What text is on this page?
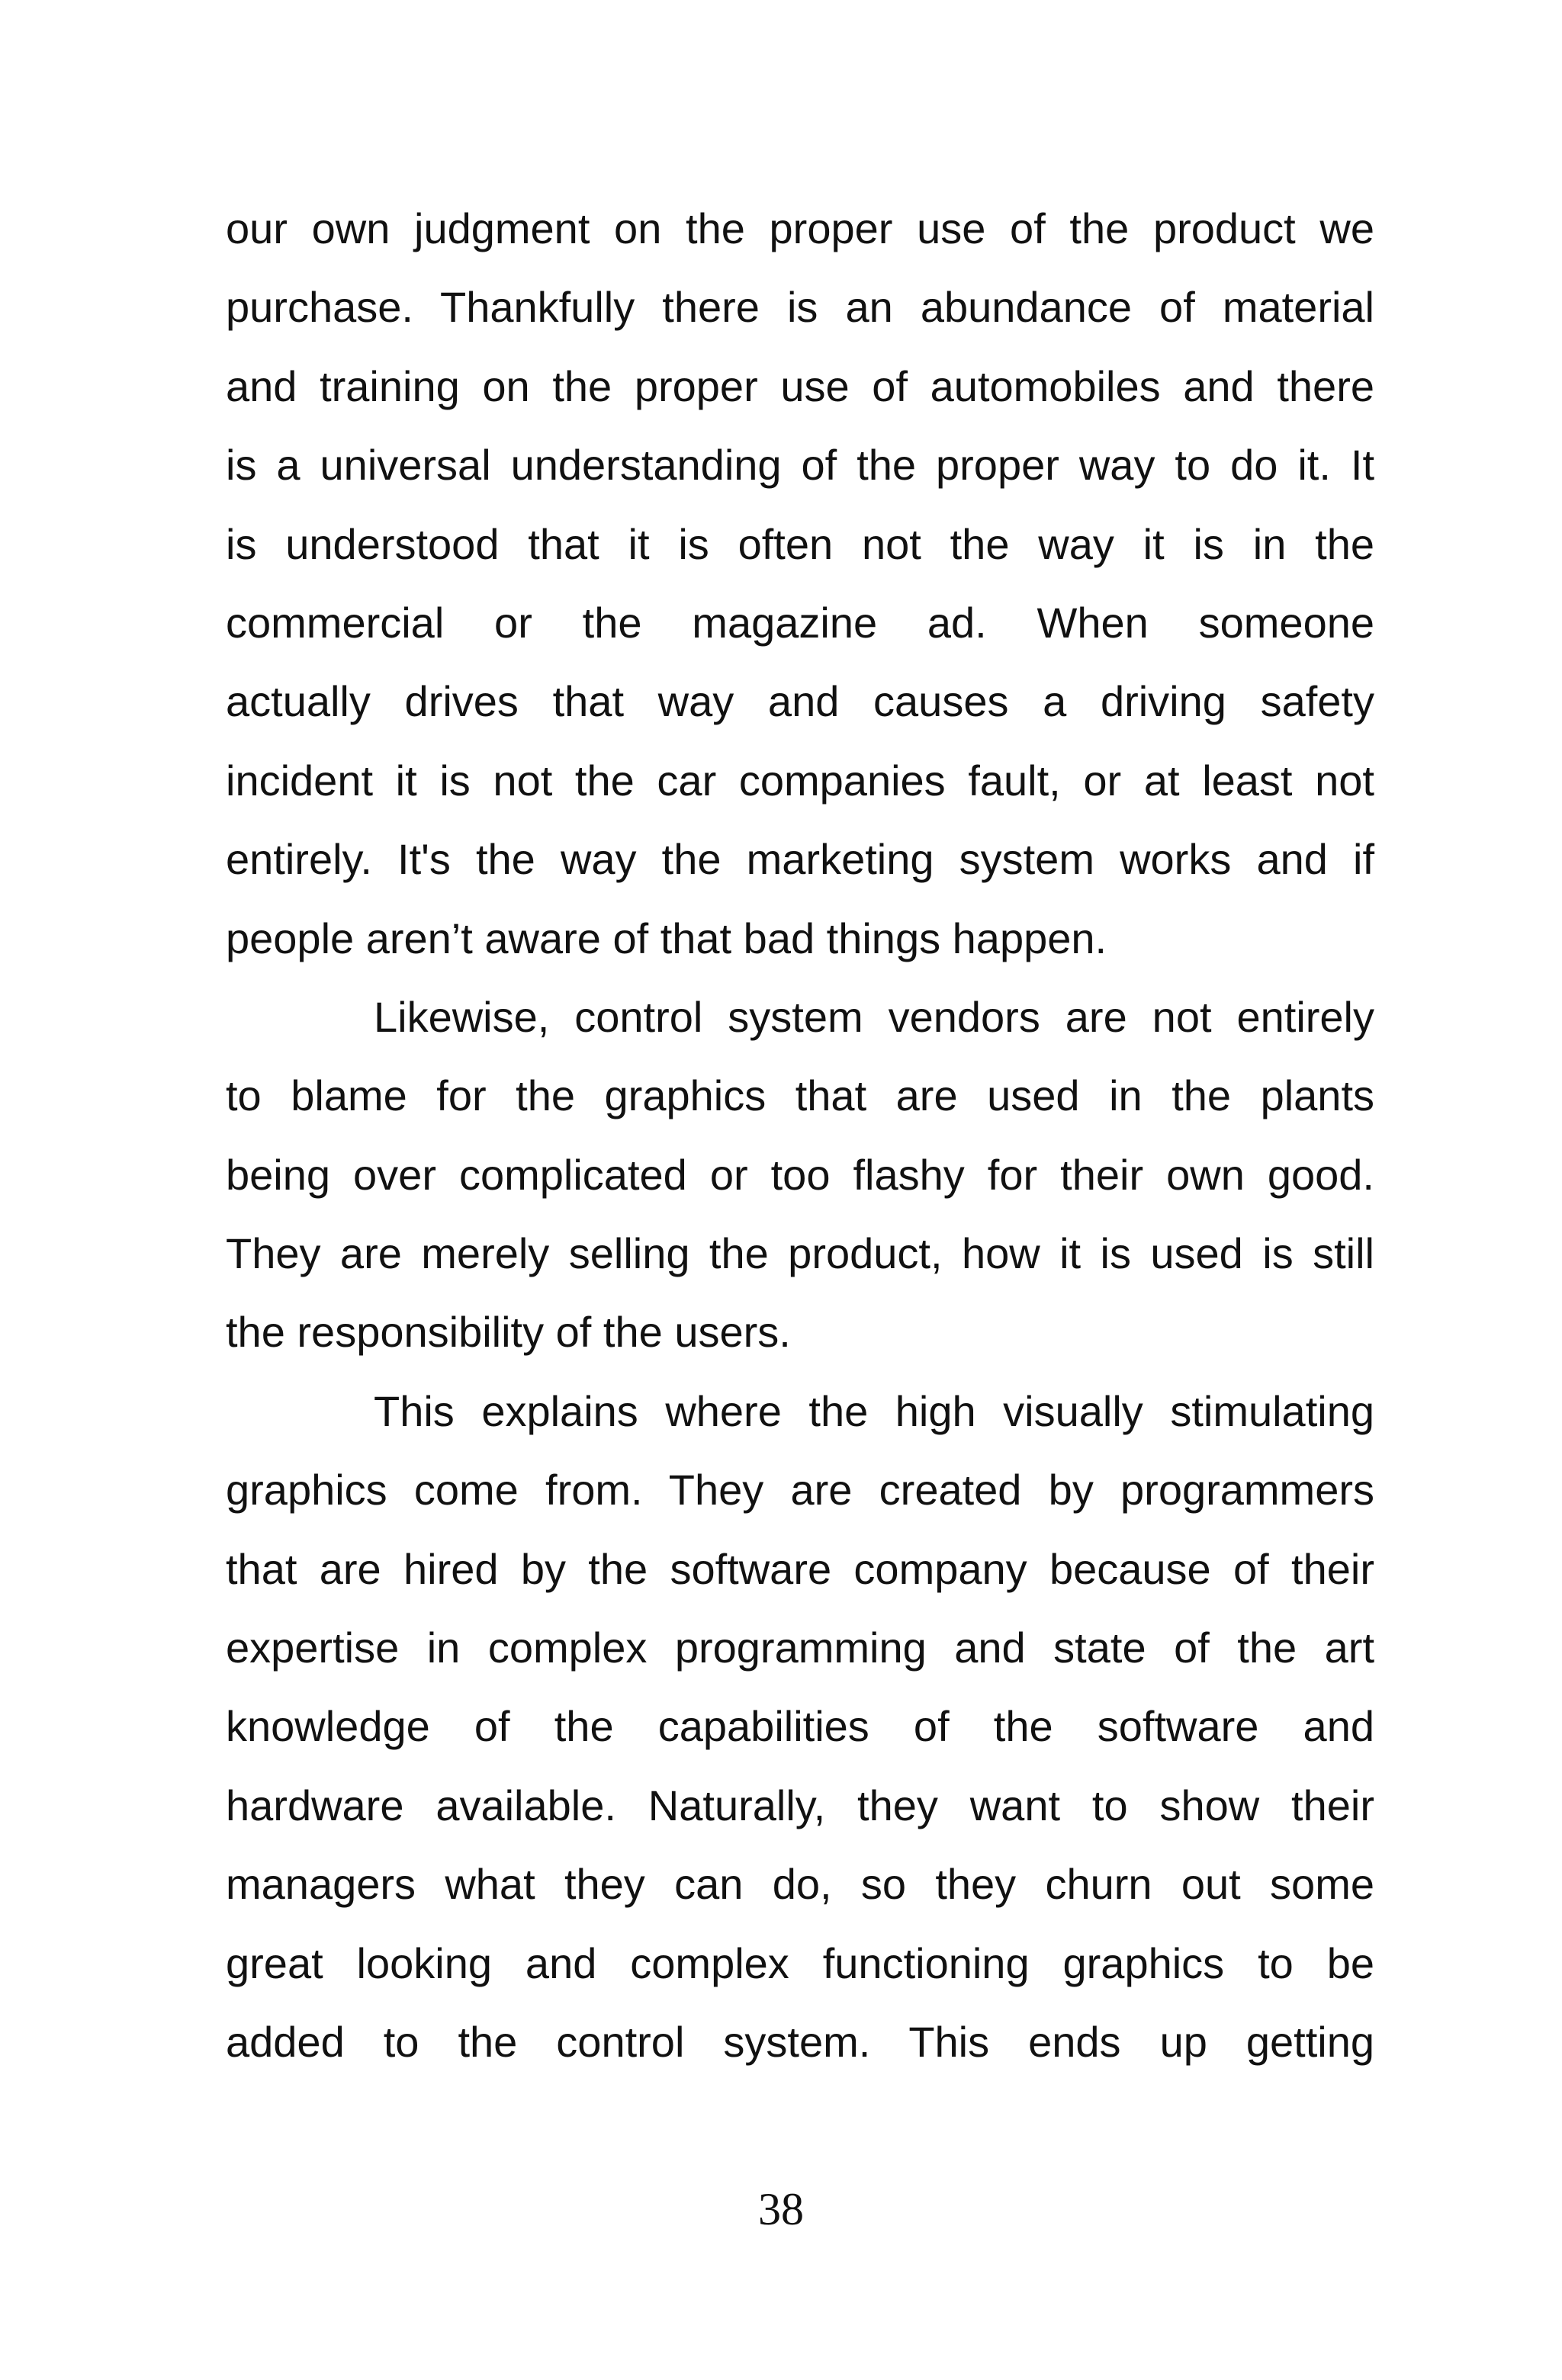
our own judgment on the proper use of the product we
purchase. Thankfully there is an abundance of material
and training on the proper use of automobiles and there
is a universal understanding of the proper way to do it. It
is understood that it is often not the way it is in the
commercial or the magazine ad. When someone
actually drives that way and causes a driving safety
incident it is not the car companies fault, or at least not
entirely. It's the way the marketing system works and if
people aren’t aware of that bad things happen.
Likewise, control system vendors are not entirely
to blame for the graphics that are used in the plants
being over complicated or too flashy for their own good.
They are merely selling the product, how it is used is still
the responsibility of the users.
This explains where the high visually stimulating
graphics come from. They are created by programmers
that are hired by the software company because of their
expertise in complex programming and state of the art
knowledge of the capabilities of the software and
hardware available. Naturally, they want to show their
managers what they can do, so they churn out some
great looking and complex functioning graphics to be
added to the control system. This ends up getting
38
